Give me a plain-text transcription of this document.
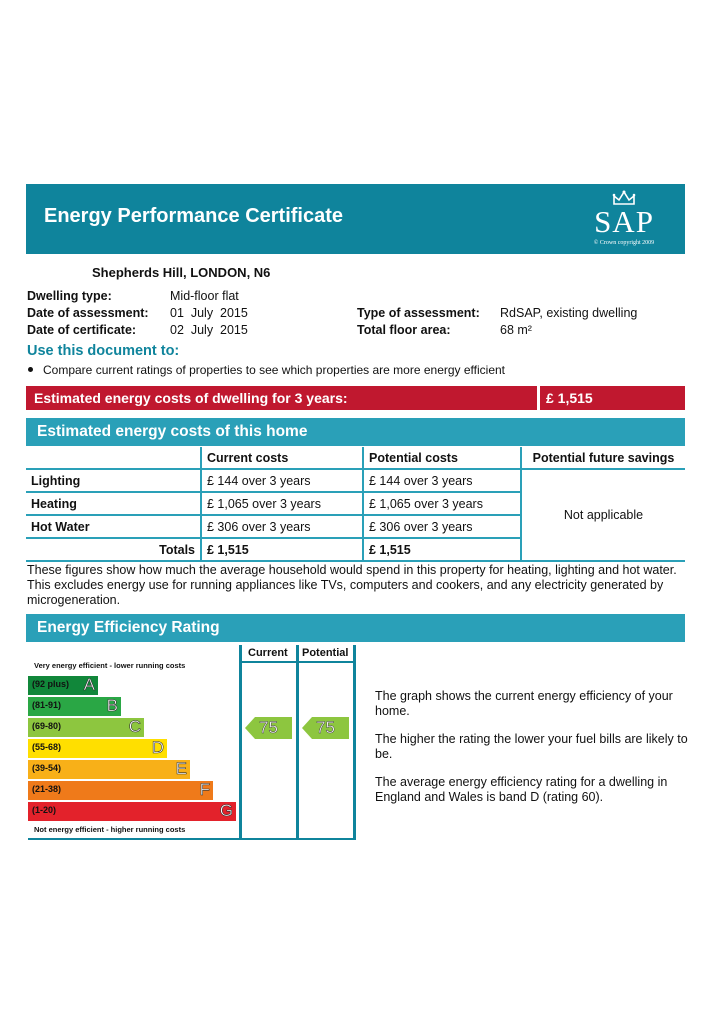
Energy Performance Certificate	SAP
© Crown copyright 2009
Shepherds Hill, LONDON, N6
Dwelling type:	Mid-floor flat
Date of assessment: 01  July  2015
Date of certificate:	02  July  2015
Type of assessment: RdSAP, existing dwelling
Total floor area:	68 m²
Use this document to:
Compare current ratings of properties to see which properties are more energy efficient
Estimated energy costs of dwelling for 3 years:	£ 1,515
Estimated energy costs of this home
	Current costs	Potential costs	Potential future savings
Lighting	£ 144 over 3 years	£ 144 over 3 years	Not applicable
Heating	£ 1,065 over 3 years	£ 1,065 over 3 years	
Hot Water	£ 306 over 3 years	£ 306 over 3 years	
Totals	£ 1,515	£ 1,515	
These figures show how much the average household would spend in this property for heating, lighting and hot water. This excludes energy use for running appliances like TVs, computers and cookers, and any electricity generated by microgeneration.
Energy Efficiency Rating
Very energy efficient - lower running costs
(92 plus) A
(81-91)	B
(69-80)	C
(55-68)	D
(39-54)	E
(21-38)	F
(1-20)	G
Not energy efficient - higher running costs
Current Potential
75	75

The graph shows the current energy efficiency of your home.

The higher the rating the lower your fuel bills are likely to be.

The average energy efficiency rating for a dwelling in England and Wales is band D (rating 60).
